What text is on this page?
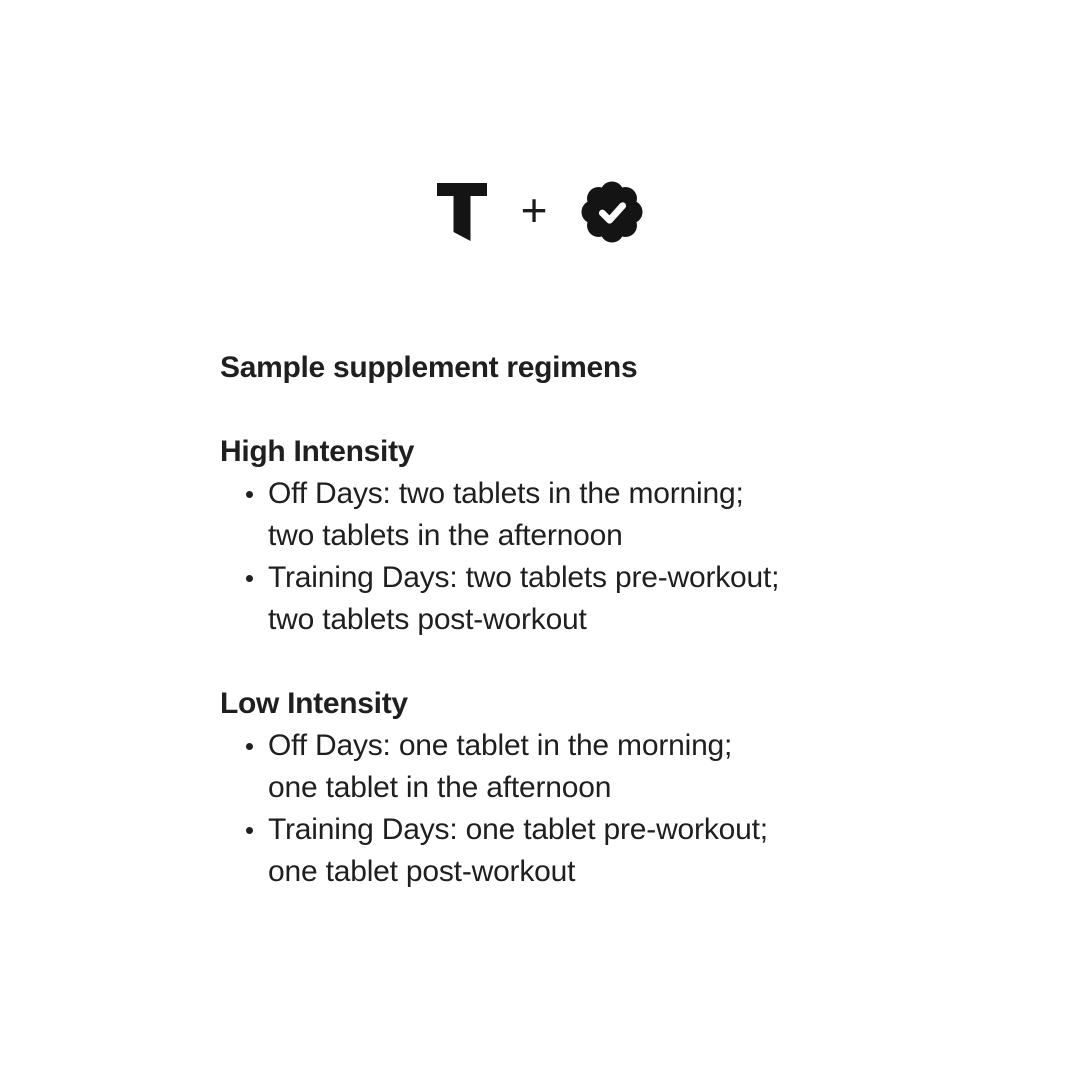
+
Sample supplement regimens
High Intensity
Off Days: two tablets in the morning;
two tablets in the afternoon
Training Days: two tablets pre-workout;
two tablets post-workout
Low Intensity
Off Days: one tablet in the morning;
one tablet in the afternoon
Training Days: one tablet pre-workout;
one tablet post-workout
